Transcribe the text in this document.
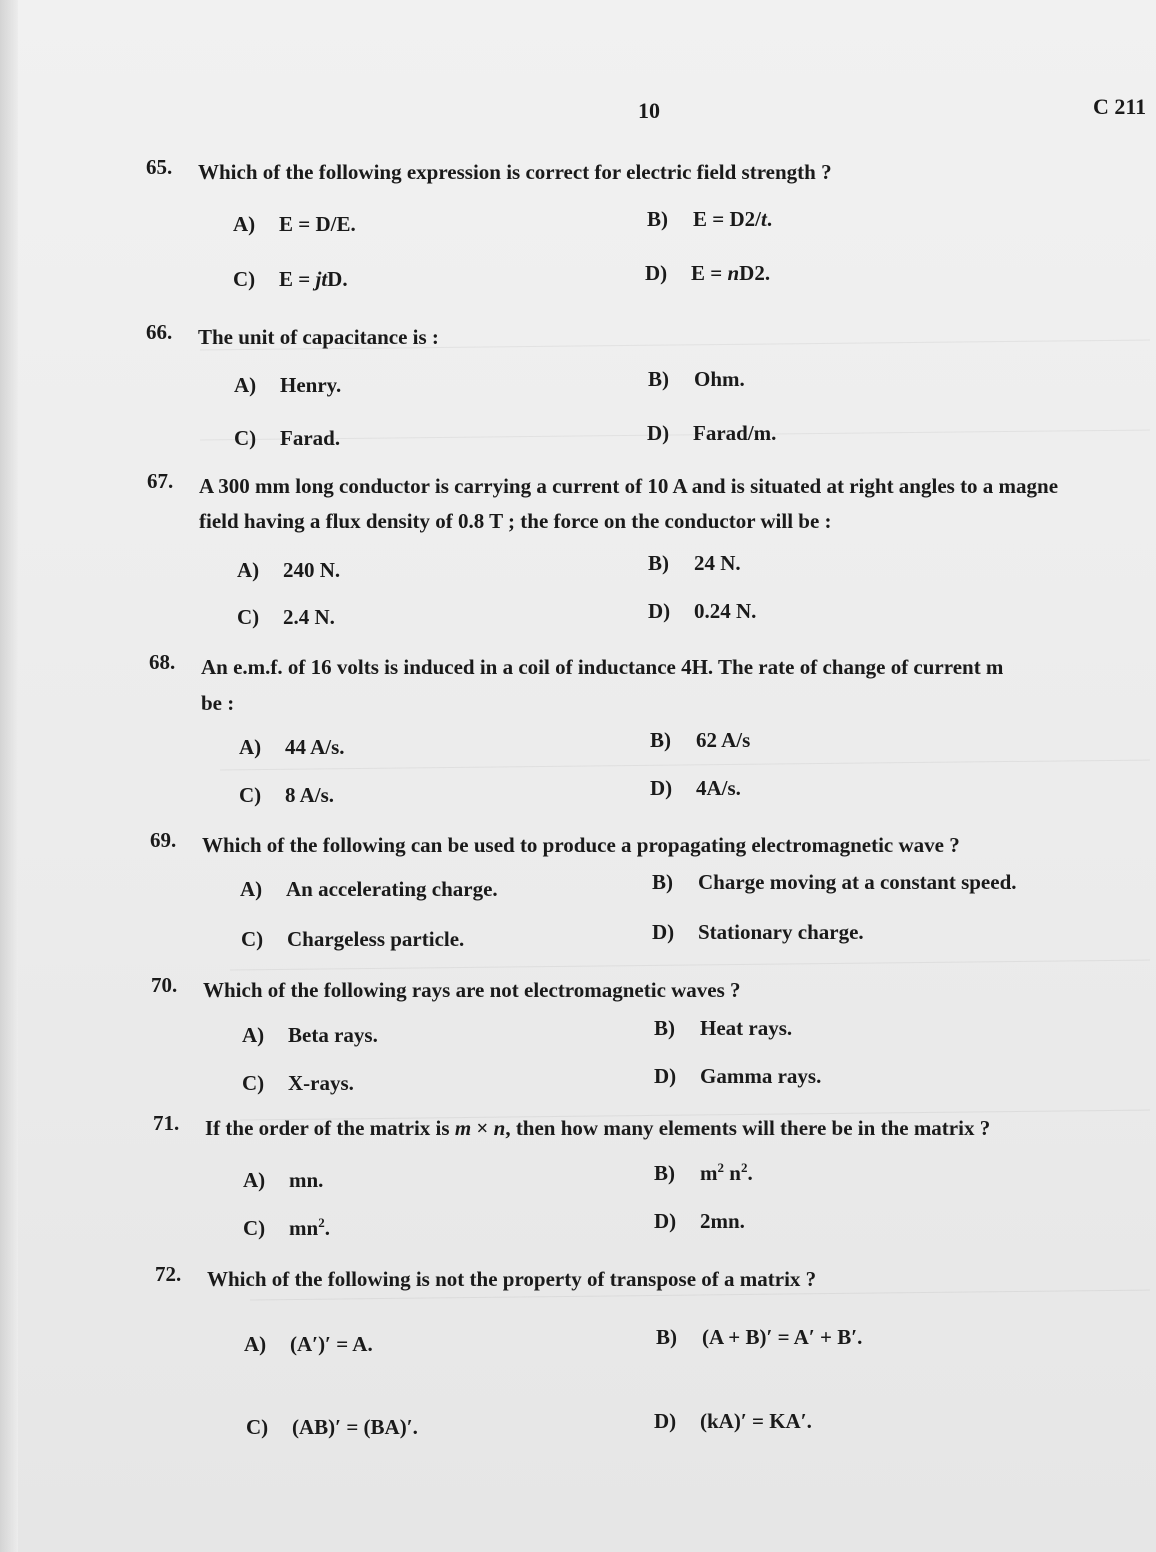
10	C 211
65. Which of the following expression is correct for electric field strength ?
A) E = D/E.	B) E = D2/t.
C) E = jtD.	D) E = nD2.
66. The unit of capacitance is :
A) Henry.	B) Ohm.
C) Farad.	D) Farad/m.
67. A 300 mm long conductor is carrying a current of 10 A and is situated at right angles to a magne
field having a flux density of 0.8 T ; the force on the conductor will be :
A) 240 N.	B) 24 N.
C) 2.4 N.	D) 0.24 N.
68. An e.m.f. of 16 volts is induced in a coil of inductance 4H. The rate of change of current m
be :
A) 44 A/s.	B) 62 A/s
C) 8 A/s.	D) 4A/s.
69. Which of the following can be used to produce a propagating electromagnetic wave ?
A) An accelerating charge.	B) Charge moving at a constant speed.
C) Chargeless particle.	D) Stationary charge.
70. Which of the following rays are not electromagnetic waves ?
A) Beta rays.	B) Heat rays.
C) X-rays.	D) Gamma rays.
71. If the order of the matrix is m × n, then how many elements will there be in the matrix ?
A) mn.	B) $m^2$ $n^2$.
C) $mn^2$.	D) 2mn.
72. Which of the following is not the property of transpose of a matrix ?
A) (A′)′ = A.	B) (A + B)′ = A′ + B′.
C) (AB)′ = (BA)′.	D) (kA)′ = KA′.
